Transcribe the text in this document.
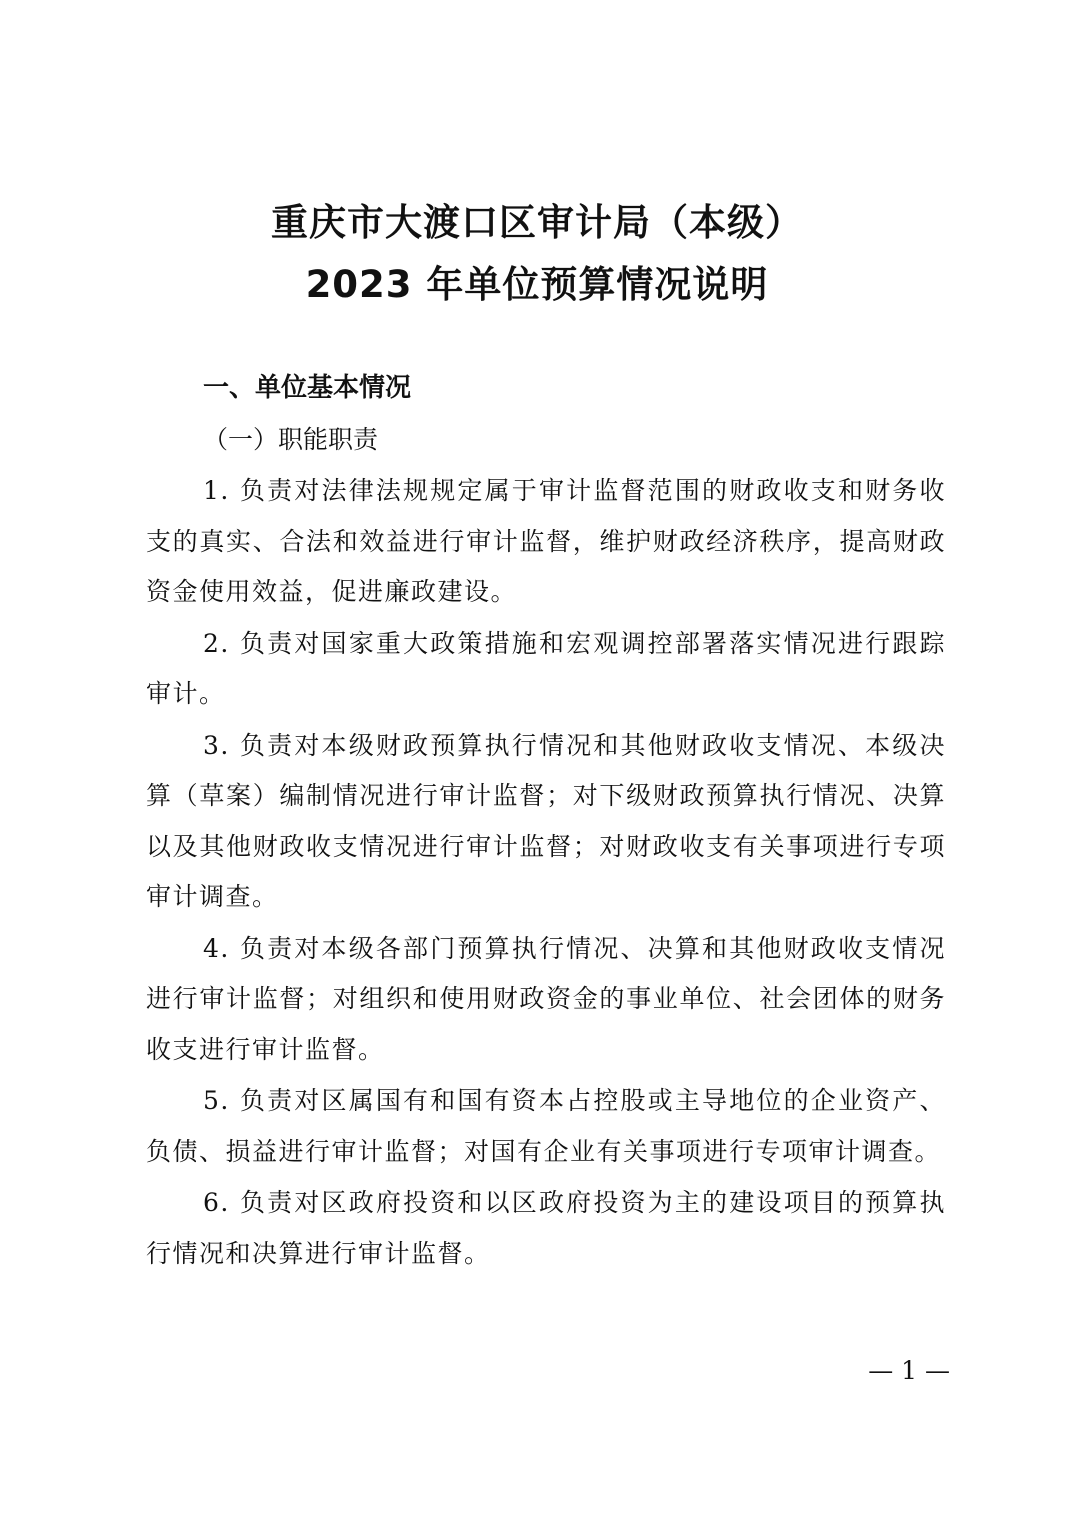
重庆市大渡口区审计局（本级）
2023 年单位预算情况说明

一、单位基本情况

（一）职能职责

1. 负责对法律法规规定属于审计监督范围的财政收支和财务收支的真实、合法和效益进行审计监督，维护财政经济秩序，提高财政资金使用效益，促进廉政建设。

2. 负责对国家重大政策措施和宏观调控部署落实情况进行跟踪审计。

3. 负责对本级财政预算执行情况和其他财政收支情况、本级决算（草案）编制情况进行审计监督；对下级财政预算执行情况、决算以及其他财政收支情况进行审计监督；对财政收支有关事项进行专项审计调查。

4. 负责对本级各部门预算执行情况、决算和其他财政收支情况进行审计监督；对组织和使用财政资金的事业单位、社会团体的财务收支进行审计监督。

5. 负责对区属国有和国有资本占控股或主导地位的企业资产、负债、损益进行审计监督；对国有企业有关事项进行专项审计调查。

6. 负责对区政府投资和以区政府投资为主的建设项目的预算执行情况和决算进行审计监督。

— 1 —
